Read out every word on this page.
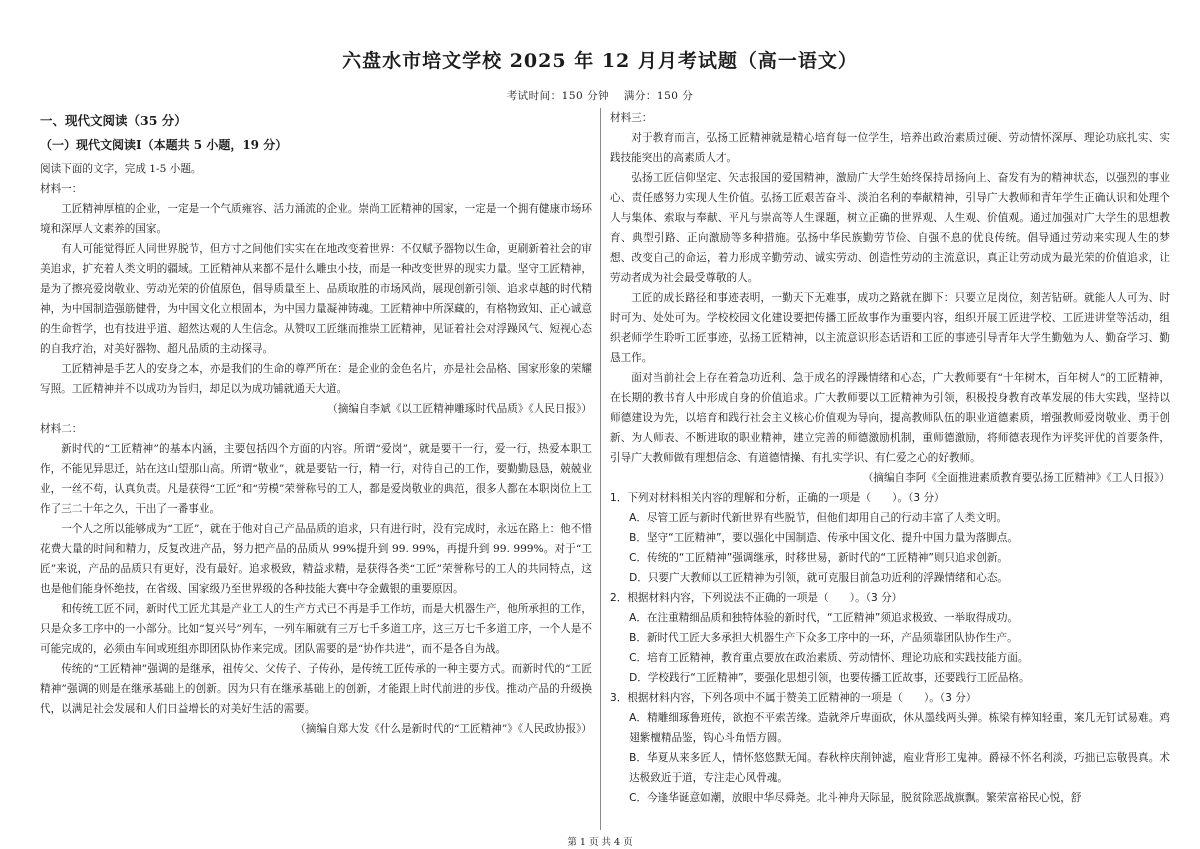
六盘水市培文学校 2025 年 12 月月考试题（高一语文）
考试时间：150 分钟　 满分：150 分
一、现代文阅读（35 分）
（一）现代文阅读Ⅰ（本题共 5 小题，19 分）

阅读下面的文字，完成 1-5 小题。

材料一：

工匠精神厚植的企业，一定是一个气质雍容、活力涌流的企业。崇尚工匠精神的国家，一定是一个拥有健康市场环境和深厚人文素养的国家。

有人可能觉得匠人同世界脱节，但方寸之间他们实实在在地改变着世界：不仅赋予器物以生命，更刷新着社会的审美追求，扩充着人类文明的疆域。工匠精神从来都不是什么雕虫小技，而是一种改变世界的现实力量。坚守工匠精神，是为了擦亮爱岗敬业、劳动光荣的价值原色，倡导质量至上、品质取胜的市场风尚，展现创新引领、追求卓越的时代精神，为中国制造强筋健骨，为中国文化立根固本，为中国力量凝神铸魂。工匠精神中所深藏的，有格物致知、正心诚意的生命哲学，也有技进乎道、超然达观的人生信念。从赞叹工匠继而推崇工匠精神，见证着社会对浮躁风气、短视心态的自我疗治，对美好器物、超凡品质的主动探寻。

工匠精神是手艺人的安身之本，亦是我们的生命的尊严所在：是企业的金色名片，亦是社会品格、国家形象的荣耀写照。工匠精神并不以成功为旨归，却足以为成功铺就通天大道。

（摘编自李斌《以工匠精神雕琢时代品质》《人民日报》）

材料二：

新时代的“工匠精神”的基本内涵，主要包括四个方面的内容。所谓“爱岗”，就是要干一行，爱一行，热爱本职工作，不能见异思迁，站在这山望那山高。所谓“敬业”，就是要钻一行，精一行，对待自己的工作，要勤勤恳恳，兢兢业业，一丝不苟，认真负责。凡是获得“工匠”和“劳模”荣誉称号的工人，都是爱岗敬业的典范，很多人都在本职岗位上工作了三二十年之久，干出了一番事业。

一个人之所以能够成为“工匠”，就在于他对自己产品品质的追求，只有进行时，没有完成时，永远在路上：他不惜花费大量的时间和精力，反复改进产品，努力把产品的品质从 99%提升到 99. 99%，再提升到 99. 999%。对于“工匠”来说，产品的品质只有更好，没有最好。追求极致，精益求精，是获得各类“工匠”荣誉称号的工人的共同特点，这也是他们能身怀绝技，在省级、国家级乃至世界级的各种技能大赛中夺金戴银的重要原因。

和传统工匠不同，新时代工匠尤其是产业工人的生产方式已不再是手工作坊，而是大机器生产，他所承担的工作，只是众多工序中的一小部分。比如“复兴号”列车，一列车厢就有三万七千多道工序，这三万七千多道工序，一个人是不可能完成的，必须由车间或班组亦即团队协作来完成。团队需要的是“协作共进”，而不是各自为战。

传统的“工匠精神”强调的是继承，祖传父、父传子、子传孙，是传统工匠传承的一种主要方式。而新时代的“工匠精神”强调的则是在继承基础上的创新。因为只有在继承基础上的创新，才能跟上时代前进的步伐。推动产品的升级换代，以满足社会发展和人们日益增长的对美好生活的需要。

（摘编自郑大发《什么是新时代的“工匠精神”》《人民政协报》）

材料三：

对于教育而言，弘扬工匠精神就是精心培育每一位学生，培养出政治素质过硬、劳动情怀深厚、理论功底扎实、实践技能突出的高素质人才。

弘扬工匠信仰坚定、矢志报国的爱国精神，激励广大学生始终保持昂扬向上、奋发有为的精神状态，以强烈的事业心、责任感努力实现人生价值。弘扬工匠艰苦奋斗、淡泊名利的奉献精神，引导广大教师和青年学生正确认识和处理个人与集体、索取与奉献、平凡与崇高等人生课题，树立正确的世界观、人生观、价值观。通过加强对广大学生的思想教育、典型引路、正向激励等多种措施。弘扬中华民族勤劳节俭、自强不息的优良传统。倡导通过劳动来实现人生的梦想、改变自己的命运，着力形成辛勤劳动、诚实劳动、创造性劳动的主流意识，真正让劳动成为最光荣的价值追求，让劳动者成为社会最受尊敬的人。

工匠的成长路径和事迹表明，一勤天下无难事，成功之路就在脚下：只要立足岗位，刻苦钻研。就能人人可为、时时可为、处处可为。学校校园文化建设要把传播工匠故事作为重要内容，组织开展工匠进学校、工匠进讲堂等活动，组织老师学生聆听工匠事迹，弘扬工匠精神，以主流意识形态话语和工匠的事迹引导青年大学生勤勉为人、勤奋学习、勤恳工作。

面对当前社会上存在着急功近利、急于成名的浮躁情绪和心态，广大教师要有“十年树木，百年树人”的工匠精神，在长期的教书育人中形成自身的价值追求。广大教师要以工匠精神为引领，积极投身教育改革发展的伟大实践，坚持以师德建设为先，以培育和践行社会主义核心价值观为导向，提高教师队伍的职业道德素质，增强教师爱岗敬业、勇于创新、为人师表、不断进取的职业精神，建立完善的师德激励机制，重师德激励，将师德表现作为评奖评优的首要条件，引导广大教师做有理想信念、有道德情操、有扎实学识、有仁爱之心的好教师。

（摘编自李阿《全面推进素质教育要弘扬工匠精神》《工人日报》）

1．下列对材料相关内容的理解和分析，正确的一项是（　　）。（3 分）

A．尽管工匠与新时代新世界有些脱节，但他们却用自己的行动丰富了人类文明。

B．坚守“工匠精神”，要以强化中国制造、传承中国文化、提升中国力量为落脚点。

C．传统的“工匠精神”强调继承，时移世易，新时代的“工匠精神”则只追求创新。

D．只要广大教师以工匠精神为引领，就可克服目前急功近利的浮躁情绪和心态。

2．根据材料内容，下列说法不正确的一项是（　　）。（3 分）

A．在注重精细品质和独特体验的新时代，“工匠精神”须追求极致、一举取得成功。

B．新时代工匠大多承担大机器生产下众多工序中的一环，产品须靠团队协作生产。

C．培育工匠精神，教育重点要放在政治素质、劳动情怀、理论功底和实践技能方面。

D．学校践行“工匠精神”，要强化思想引领，也要传播工匠故事，还要践行工匠品格。

3．根据材料内容，下列各项中不属于赞美工匠精神的一项是（　　）。（3 分）

A．精雕细琢鲁班传，欲抱不平索苦缘。造就斧斤卑面砍，休从墨线两头弹。栋梁有棒知轻重，案几无钉试易难。鸡翅紫檀精品鉴，钩心斗角悟方圆。

B．华夏从来多匠人，情怀悠悠默无闻。春秋梓庆削钟滤，庖业背形工鬼神。爵禄不怀名利淡，巧拙已忘敬畏真。术达极致近于道，专注走心风骨魂。

C．今逢华诞意如潮，放眼中华尽舜尧。北斗神舟天际显，脱贫除恶战旗飘。繁荣富裕民心悦，舒

第 1 页 共 4 页
